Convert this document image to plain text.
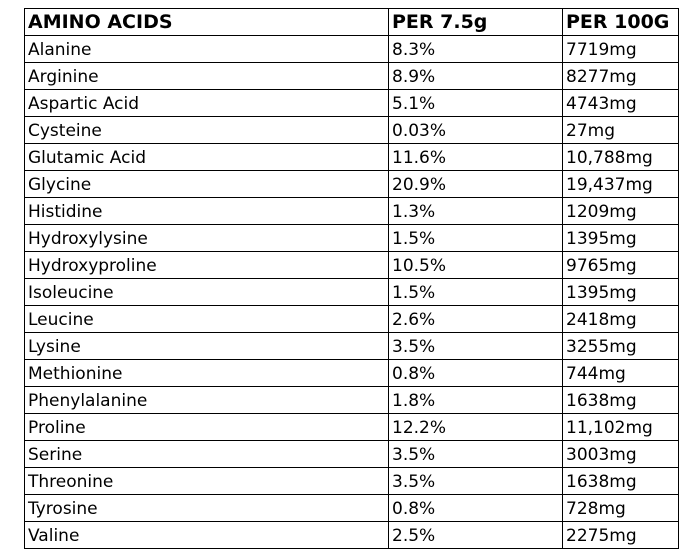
AMINO ACIDS	PER 7.5g	PER 100G
Alanine	8.3%	7719mg
Arginine	8.9%	8277mg
Aspartic Acid	5.1%	4743mg
Cysteine	0.03%	27mg
Glutamic Acid	11.6%	10,788mg
Glycine	20.9%	19,437mg
Histidine	1.3%	1209mg
Hydroxylysine	1.5%	1395mg
Hydroxyproline	10.5%	9765mg
Isoleucine	1.5%	1395mg
Leucine	2.6%	2418mg
Lysine	3.5%	3255mg
Methionine	0.8%	744mg
Phenylalanine	1.8%	1638mg
Proline	12.2%	11,102mg
Serine	3.5%	3003mg
Threonine	3.5%	1638mg
Tyrosine	0.8%	728mg
Valine	2.5%	2275mg
